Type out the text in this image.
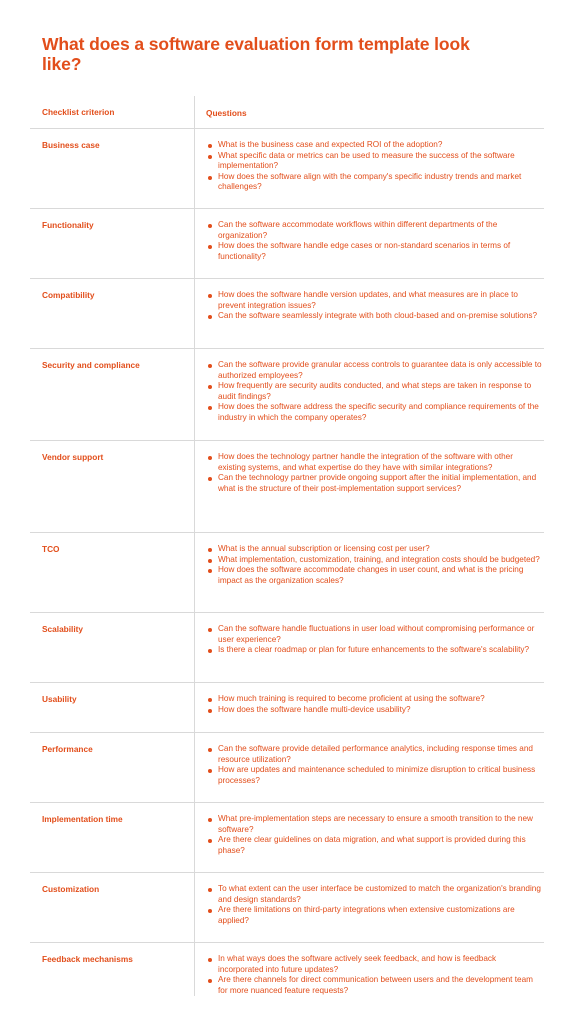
What does a software evaluation form template look like?
Checklist criterion	Questions
Business case	What is the business case and expected ROI of the adoption?
What specific data or metrics can be used to measure the success of the software implementation?
How does the software align with the company's specific industry trends and market challenges?
Functionality	Can the software accommodate workflows within different departments of the organization?
How does the software handle edge cases or non-standard scenarios in terms of functionality?
Compatibility	How does the software handle version updates, and what measures are in place to prevent integration issues?
Can the software seamlessly integrate with both cloud-based and on-premise solutions?
Security and compliance	Can the software provide granular access controls to guarantee data is only accessible to authorized employees?
How frequently are security audits conducted, and what steps are taken in response to audit findings?
How does the software address the specific security and compliance requirements of the industry in which the company operates?
Vendor support	How does the technology partner handle the integration of the software with other existing systems, and what expertise do they have with similar integrations?
Can the technology partner provide ongoing support after the initial implementation, and what is the structure of their post-implementation support services?
TCO	What is the annual subscription or licensing cost per user?
What implementation, customization, training, and integration costs should be budgeted?
How does the software accommodate changes in user count, and what is the pricing impact as the organization scales?
Scalability	Can the software handle fluctuations in user load without compromising performance or user experience?
Is there a clear roadmap or plan for future enhancements to the software's scalability?
Usability	How much training is required to become proficient at using the software?
How does the software handle multi-device usability?
Performance	Can the software provide detailed performance analytics, including response times and resource utilization?
How are updates and maintenance scheduled to minimize disruption to critical business processes?
Implementation time	What pre-implementation steps are necessary to ensure a smooth transition to the new software?
Are there clear guidelines on data migration, and what support is provided during this phase?
Customization	To what extent can the user interface be customized to match the organization's branding and design standards?
Are there limitations on third-party integrations when extensive customizations are applied?
Feedback mechanisms	In what ways does the software actively seek feedback, and how is feedback incorporated into future updates?
Are there channels for direct communication between users and the development team for more nuanced feature requests?
